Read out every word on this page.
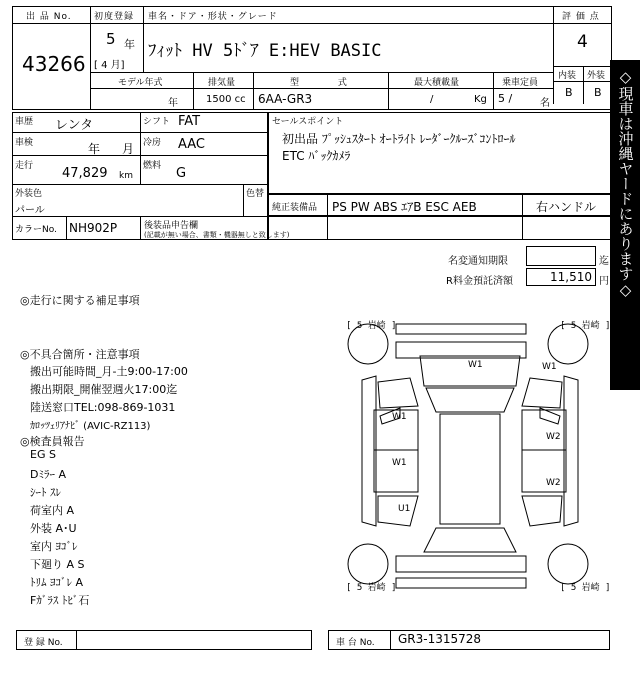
出 品 No.
43266
初度登録
5 年
[ 4 月]
車名・ドア・形状・グレード
ﾌｨｯﾄ HV 5ﾄﾞｱ E:HEV BASIC
評 価 点
4
内装 外装
B B
モデル年式
年
排気量
1500 cc
型 式
6AA-GR3
最大積載量
/	Kg
乗車定員
5 /	名
車歴 レンタ	シフト FAT
車検	年 月 冷房 AAC
走行 47,829 km
燃料 G
外装色
パール
色替
カラーNo. NH902P	後装品申告欄
(記載が無い場合、書類・機器無しと致します)
セールスポイント
初出品 ﾌﾟｯｼｭｽﾀｰﾄ ｵｰﾄﾗｲﾄ ﾚｰﾀﾞｰｸﾙｰｽﾞｺﾝﾄﾛｰﾙ
ETC ﾊﾞｯｸｶﾒﾗ
純正装備品 PS PW ABS ｴｱB ESC AEB	右ハンドル
名変通知期限	迄
R料金預託済額	11,510 円 ◇現車は沖縄ヤードにあります◇
◎走行に関する補足事項
◎不具合箇所・注意事項
搬出可能時間_月-土9:00-17:00
搬出期限_開催翌週火17:00迄
陸送窓口TEL:098-869-1031
ｶﾛｯﾂｪﾘｱﾅﾋﾞ (AVIC-RZ113)
◎検査員報告
EG S
Dﾐﾗｰ A
ｼｰﾄ ｽﾚ
荷室内 A
外装 A･U
室内 ﾖｺﾞﾚ
下廻り A S
ﾄﾘﾑ ﾖｺﾞﾚ A
Fｶﾞﾗｽ ﾄﾋﾞ石
[ 5 岩崎 ]	[ 5 岩崎 ]
[ 5 岩崎 ]	[ 5 岩崎 ]
W1	W1
W1
W2
W1
W2
U1
登 録 No.	車 台 No. GR3-1315728
